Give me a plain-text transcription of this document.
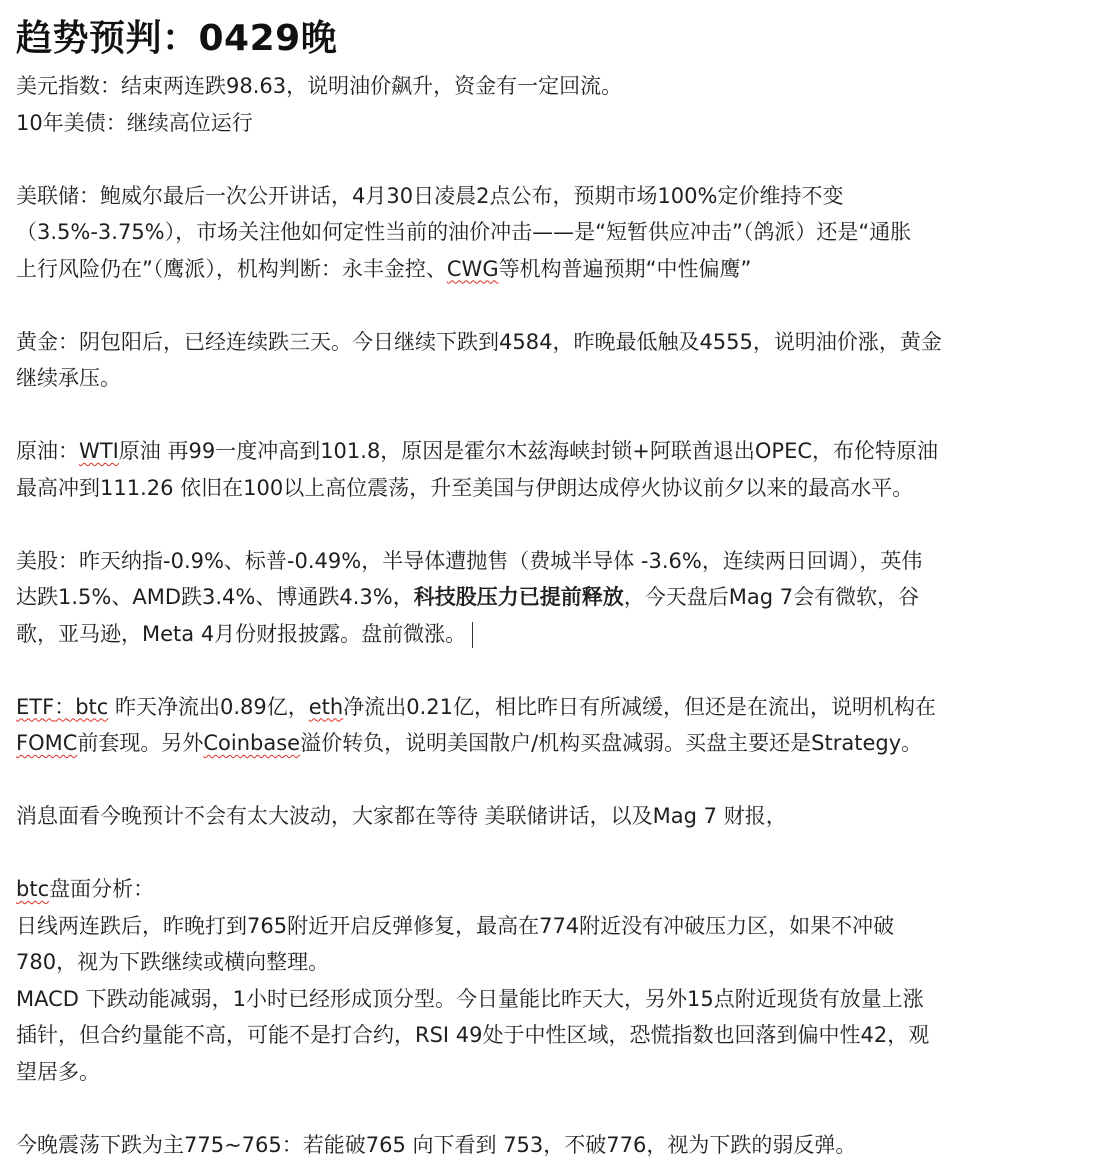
趋势预判：0429晚
美元指数：结束两连跌98.63，说明油价飙升，资金有一定回流。
10年美债：继续高位运行
美联储：鲍威尔最后一次公开讲话，4月30日凌晨2点公布，预期市场100%定价维持不变
（3.5%-3.75%），市场关注他如何定性当前的油价冲击——是“短暂供应冲击”（鸽派）还是“通胀
上行风险仍在”（鹰派），机构判断：永丰金控、CWG等机构普遍预期“中性偏鹰”
黄金：阴包阳后，已经连续跌三天。今日继续下跌到4584，昨晚最低触及4555，说明油价涨，黄金
继续承压。
原油：WTI原油 再99一度冲高到101.8，原因是霍尔木兹海峡封锁+阿联酋退出OPEC，布伦特原油
最高冲到111.26 依旧在100以上高位震荡，升至美国与伊朗达成停火协议前夕以来的最高水平。
美股：昨天纳指-0.9%、标普-0.49%，半导体遭抛售（费城半导体 -3.6%，连续两日回调），英伟
达跌1.5%、AMD跌3.4%、博通跌4.3%，科技股压力已提前释放，今天盘后Mag 7会有微软，谷
歌，亚马逊，Meta 4月份财报披露。盘前微涨。
ETF：btc 昨天净流出0.89亿，eth净流出0.21亿，相比昨日有所减缓，但还是在流出，说明机构在
FOMC前套现。另外Coinbase溢价转负，说明美国散户/机构买盘减弱。买盘主要还是Strategy。
消息面看今晚预计不会有太大波动，大家都在等待 美联储讲话，以及Mag 7 财报，
btc盘面分析：
日线两连跌后，昨晚打到765附近开启反弹修复，最高在774附近没有冲破压力区，如果不冲破
780，视为下跌继续或横向整理。
MACD 下跌动能减弱，1小时已经形成顶分型。今日量能比昨天大，另外15点附近现货有放量上涨
插针，但合约量能不高，可能不是打合约，RSI 49处于中性区域，恐慌指数也回落到偏中性42，观
望居多。
今晚震荡下跌为主775~765：若能破765 向下看到 753，不破776，视为下跌的弱反弹。
